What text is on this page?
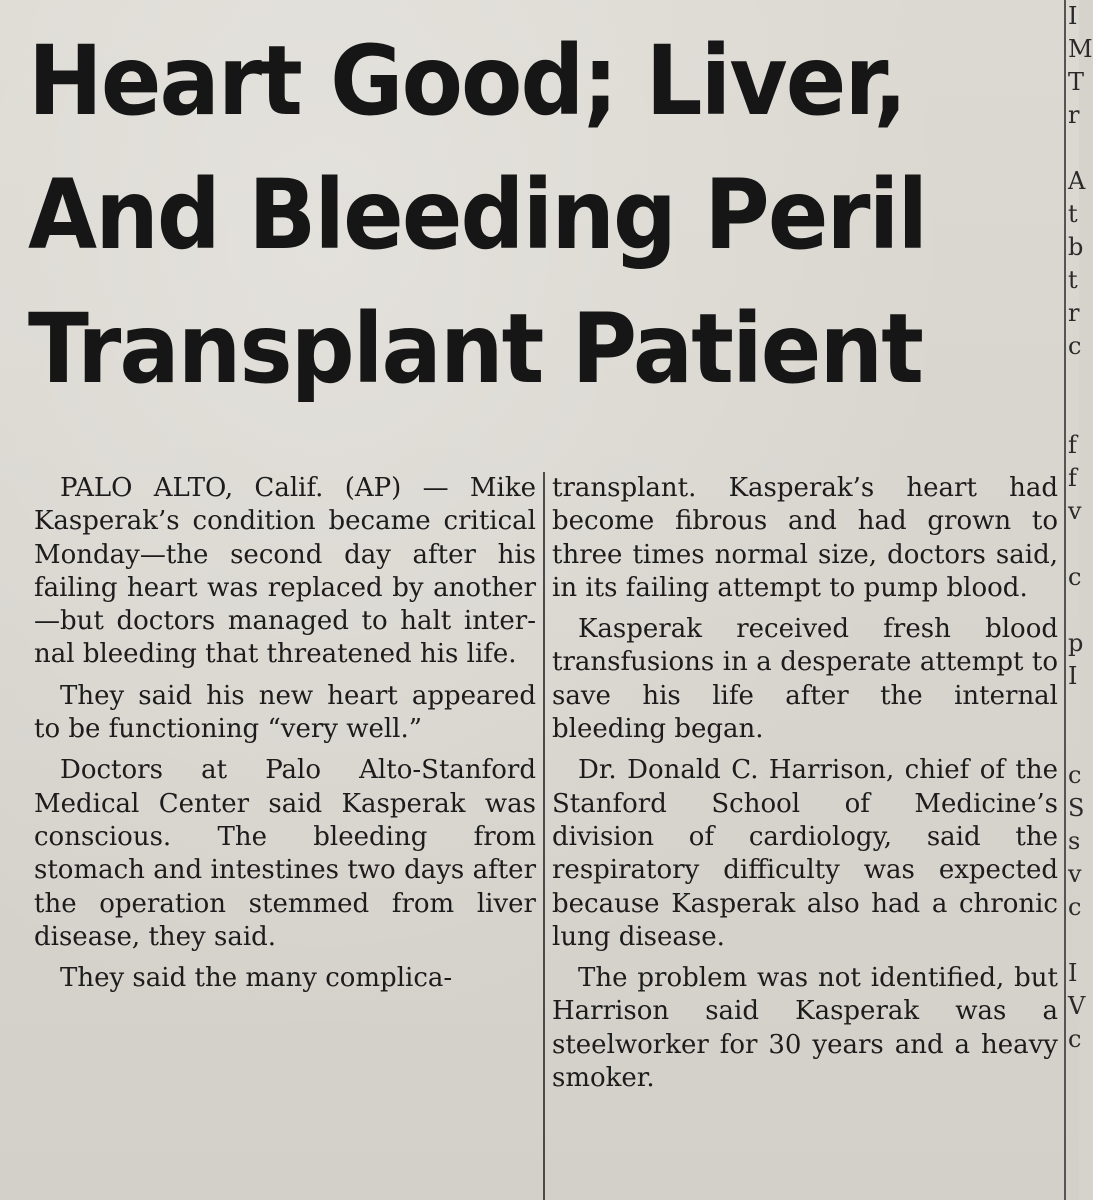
Heart Good; Liver,
And Bleeding Peril
Transplant Patient

PALO ALTO, Calif. (AP) — Mike Kasperak’s condition became critical Monday—the second day after his failing heart was replaced by another—but doctors managed to halt internal bleeding that threatened his life.

They said his new heart appeared to be functioning “very well.”

Doctors at Palo Alto-Stanford Medical Center said Kasperak was conscious. The bleeding from stomach and intestines two days after the operation stemmed from liver disease, they said.

They said the many complica-

transplant. Kasperak’s heart had become fibrous and had grown to three times normal size, doctors said, in its failing attempt to pump blood.

Kasperak received fresh blood transfusions in a desperate attempt to save his life after the internal bleeding began.

Dr. Donald C. Harrison, chief of the Stanford School of Medicine’s division of cardiology, said the respiratory difficulty was expected because Kasperak also had a chronic lung disease.

The problem was not identified, but Harrison said Kasperak was a steelworker for 30 years and a heavy smoker.

I
M
T
r

A
t
b
t
r
c

f
f
v

c

p
I

c
S
s
v
c

I
V
c
